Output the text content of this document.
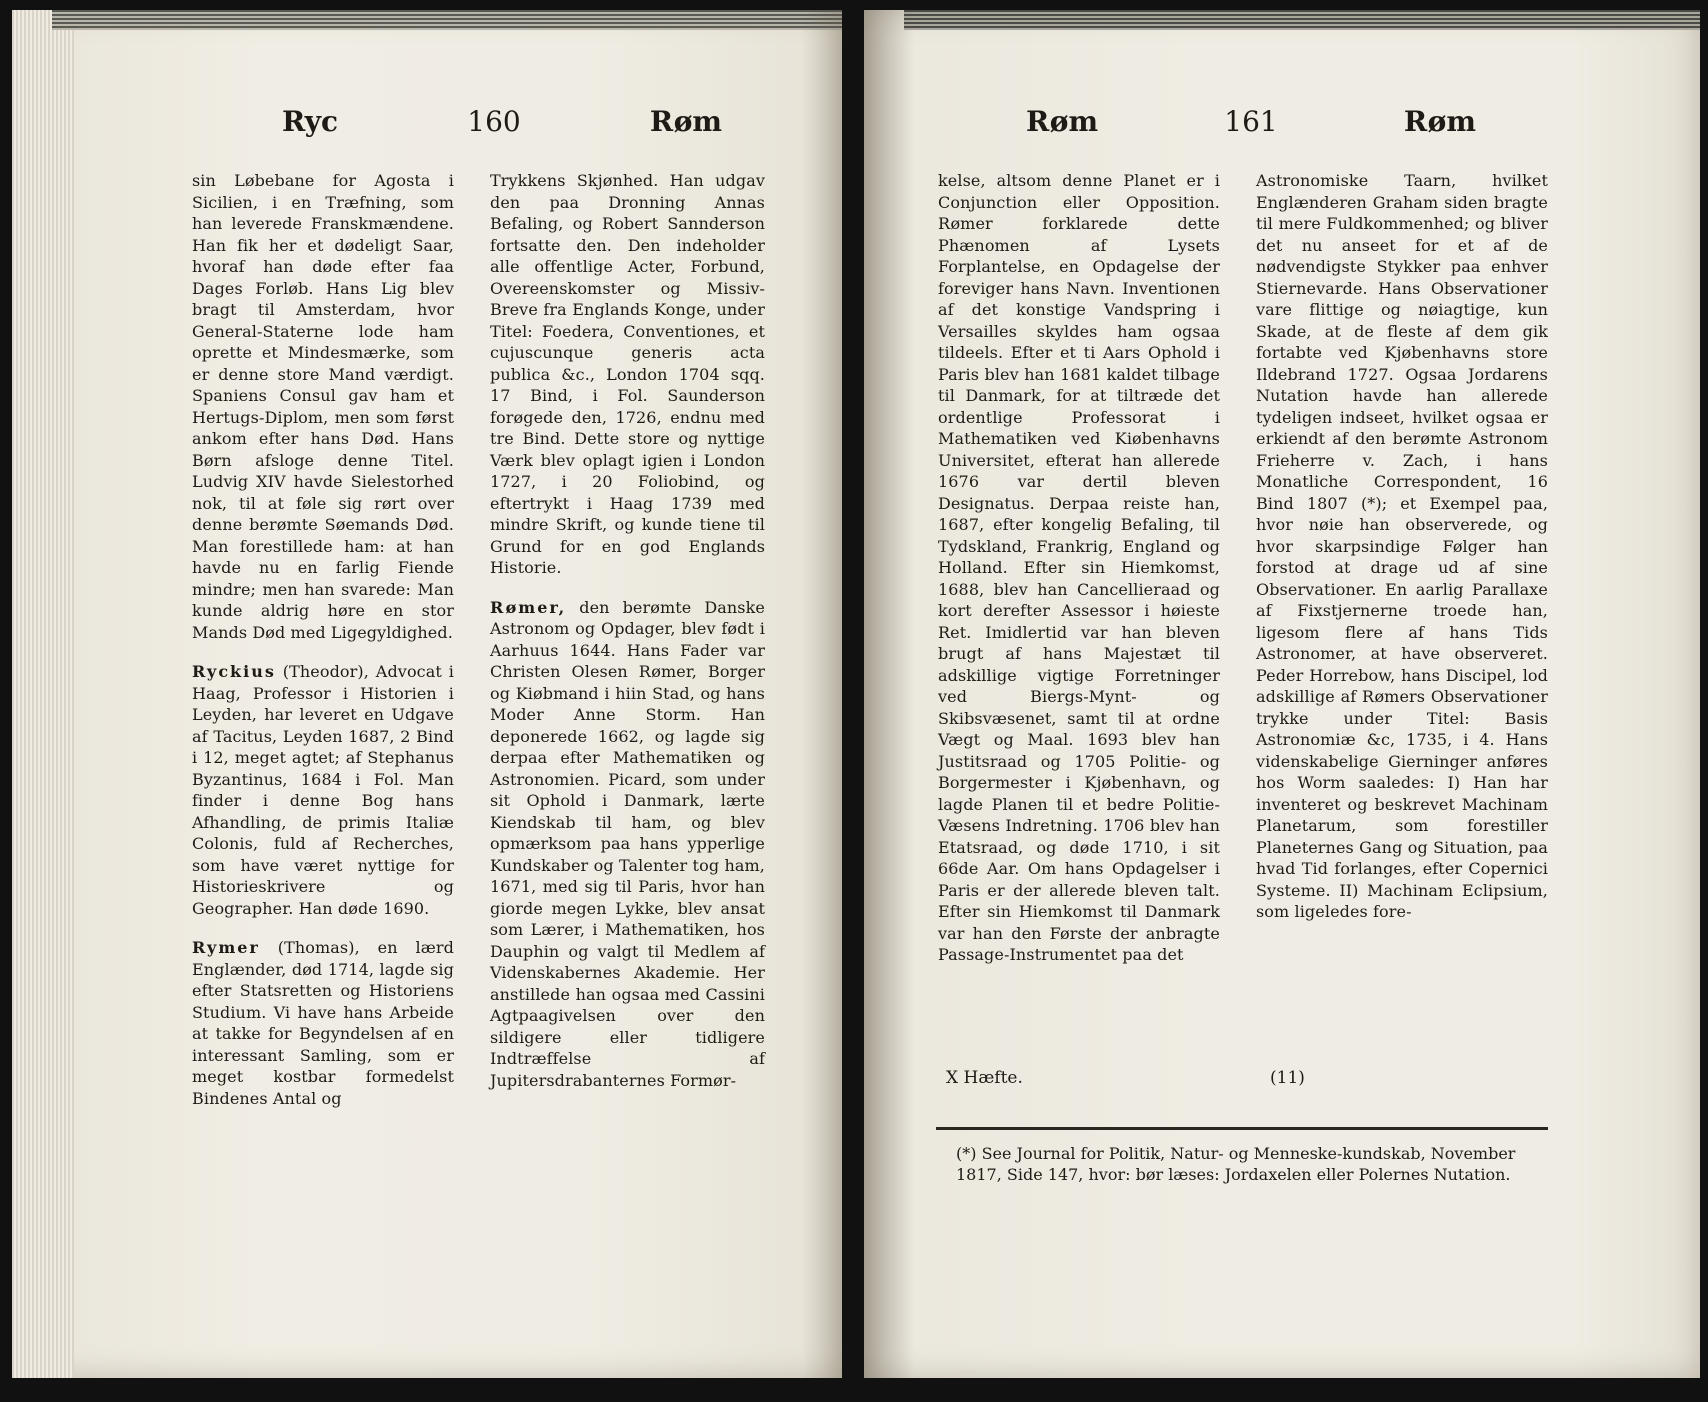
Ryc	160	Røm

sin Løbebane for Agosta i Sicilien, i en Træfning, som han leverede Franskmændene. Han fik her et dødeligt Saar, hvoraf han døde efter faa Dages Forløb. Hans Lig blev bragt til Amsterdam, hvor General-Staterne lode ham oprette et Mindesmærke, som er denne store Mand værdigt. Spaniens Consul gav ham et Hertugs-Diplom, men som først ankom efter hans Død. Hans Børn afsloge denne Titel. Ludvig XIV havde Sielestorhed nok, til at føle sig rørt over denne berømte Søemands Død. Man forestillede ham: at han havde nu en farlig Fiende mindre; men han svarede: Man kunde aldrig høre en stor Mands Død med Ligegyldighed.

Ryckius (Theodor), Advocat i Haag, Professor i Historien i Leyden, har leveret en Udgave af Tacitus, Leyden 1687, 2 Bind i 12, meget agtet; af Stephanus Byzantinus, 1684 i Fol. Man finder i denne Bog hans Afhandling, de primis Italiæ Colonis, fuld af Recherches, som have været nyttige for Historieskrivere og Geographer. Han døde 1690.

Rymer (Thomas), en lærd Englænder, død 1714, lagde sig efter Statsretten og Historiens Studium. Vi have hans Arbeide at takke for Begyndelsen af en interessant Samling, som er meget kostbar formedelst Bindenes Antal og

Trykkens Skjønhed. Han udgav den paa Dronning Annas Befaling, og Robert Sannderson fortsatte den. Den indeholder alle offentlige Acter, Forbund, Overeenskomster og Missiv-Breve fra Englands Konge, under Titel: Foedera, Conventiones, et cujuscunque generis acta publica &c., London 1704 sqq. 17 Bind, i Fol. Saunderson forøgede den, 1726, endnu med tre Bind. Dette store og nyttige Værk blev oplagt igien i London 1727, i 20 Foliobind, og eftertrykt i Haag 1739 med mindre Skrift, og kunde tiene til Grund for en god Englands Historie.

Rømer, den berømte Danske Astronom og Opdager, blev født i Aarhuus 1644. Hans Fader var Christen Olesen Rømer, Borger og Kiøbmand i hiin Stad, og hans Moder Anne Storm. Han deponerede 1662, og lagde sig derpaa efter Mathematiken og Astronomien. Picard, som under sit Ophold i Danmark, lærte Kiendskab til ham, og blev opmærksom paa hans ypperlige Kundskaber og Talenter tog ham, 1671, med sig til Paris, hvor han giorde megen Lykke, blev ansat som Lærer, i Mathematiken, hos Dauphin og valgt til Medlem af Videnskabernes Akademie. Her anstillede han ogsaa med Cassini Agtpaagivelsen over den sildigere eller tidligere Indtræffelse af Jupitersdrabanternes Formør-

Røm	161	Røm

kelse, altsom denne Planet er i Conjunction eller Opposition. Rømer forklarede dette Phænomen af Lysets Forplantelse, en Opdagelse der foreviger hans Navn. Inventionen af det konstige Vandspring i Versailles skyldes ham ogsaa tildeels. Efter et ti Aars Ophold i Paris blev han 1681 kaldet tilbage til Danmark, for at tiltræde det ordentlige Professorat i Mathematiken ved Kiøbenhavns Universitet, efterat han allerede 1676 var dertil bleven Designatus. Derpaa reiste han, 1687, efter kongelig Befaling, til Tydskland, Frankrig, England og Holland. Efter sin Hiemkomst, 1688, blev han Cancellieraad og kort derefter Assessor i høieste Ret. Imidlertid var han bleven brugt af hans Majestæt til adskillige vigtige Forretninger ved Biergs-Mynt- og Skibsvæsenet, samt til at ordne Vægt og Maal. 1693 blev han Justitsraad og 1705 Politie- og Borgermester i Kjøbenhavn, og lagde Planen til et bedre Politie-Væsens Indretning. 1706 blev han Etatsraad, og døde 1710, i sit 66de Aar. Om hans Opdagelser i Paris er der allerede bleven talt. Efter sin Hiemkomst til Danmark var han den Første der anbragte Passage-Instrumentet paa det

Astronomiske Taarn, hvilket Englænderen Graham siden bragte til mere Fuldkommenhed; og bliver det nu anseet for et af de nødvendigste Stykker paa enhver Stiernevarde. Hans Observationer vare flittige og nøiagtige, kun Skade, at de fleste af dem gik fortabte ved Kjøbenhavns store Ildebrand 1727. Ogsaa Jordarens Nutation havde han allerede tydeligen indseet, hvilket ogsaa er erkiendt af den berømte Astronom Frieherre v. Zach, i hans Monatliche Correspondent, 16 Bind 1807 (*); et Exempel paa, hvor nøie han observerede, og hvor skarpsindige Følger han forstod at drage ud af sine Observationer. En aarlig Parallaxe af Fixstjernerne troede han, ligesom flere af hans Tids Astronomer, at have observeret. Peder Horrebow, hans Discipel, lod adskillige af Rømers Observationer trykke under Titel: Basis Astronomiæ &c, 1735, i 4. Hans videnskabelige Gierninger anføres hos Worm saaledes: I) Han har inventeret og beskrevet Machinam Planetarum, som forestiller Planeternes Gang og Situation, paa hvad Tid forlanges, efter Copernici Systeme. II) Machinam Eclipsium, som ligeledes fore-

X Hæfte.	(11)
(*) See Journal for Politik, Natur- og Menneske-kundskab, November 1817, Side 147, hvor: bør læses: Jordaxelen eller Polernes Nutation.
